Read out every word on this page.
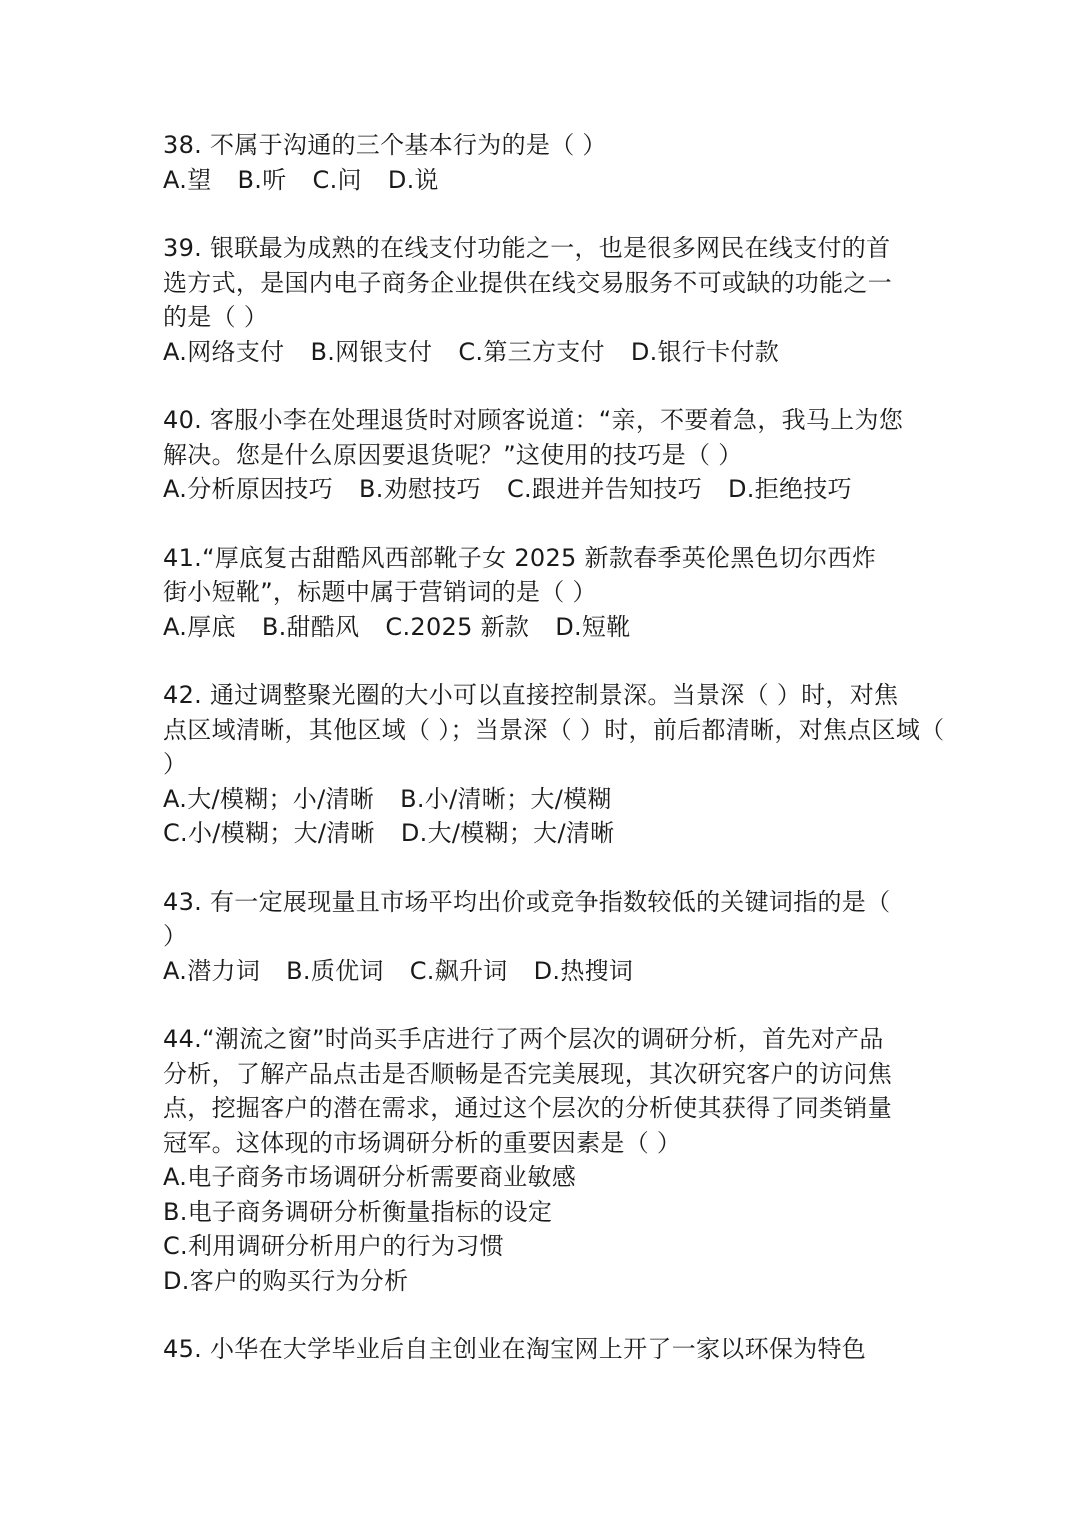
38. 不属于沟通的三个基本行为的是（ ）
A.望 B.听 C.问 D.说
39. 银联最为成熟的在线支付功能之一，也是很多网民在线支付的首
选方式，是国内电子商务企业提供在线交易服务不可或缺的功能之一
的是（ ）
A.网络支付 B.网银支付 C.第三方支付 D.银行卡付款
40. 客服小李在处理退货时对顾客说道：“亲，不要着急，我马上为您
解决。您是什么原因要退货呢？”这使用的技巧是（ ）
A.分析原因技巧 B.劝慰技巧 C.跟进并告知技巧 D.拒绝技巧
41.“厚底复古甜酷风西部靴子女 2025 新款春季英伦黑色切尔西炸
街小短靴”，标题中属于营销词的是（ ）
A.厚底 B.甜酷风 C.2025 新款 D.短靴
42. 通过调整聚光圈的大小可以直接控制景深。当景深（ ）时，对焦
点区域清晰，其他区域（ ）；当景深（ ）时，前后都清晰，对焦点区域（
）
A.大/模糊；小/清晰 B.小/清晰；大/模糊
C.小/模糊；大/清晰 D.大/模糊；大/清晰
43. 有一定展现量且市场平均出价或竞争指数较低的关键词指的是（
）
A.潜力词 B.质优词 C.飙升词 D.热搜词
44.“潮流之窗”时尚买手店进行了两个层次的调研分析，首先对产品
分析，了解产品点击是否顺畅是否完美展现，其次研究客户的访问焦
点，挖掘客户的潜在需求，通过这个层次的分析使其获得了同类销量
冠军。这体现的市场调研分析的重要因素是（ ）
A.电子商务市场调研分析需要商业敏感
B.电子商务调研分析衡量指标的设定
C.利用调研分析用户的行为习惯
D.客户的购买行为分析
45. 小华在大学毕业后自主创业在淘宝网上开了一家以环保为特色
